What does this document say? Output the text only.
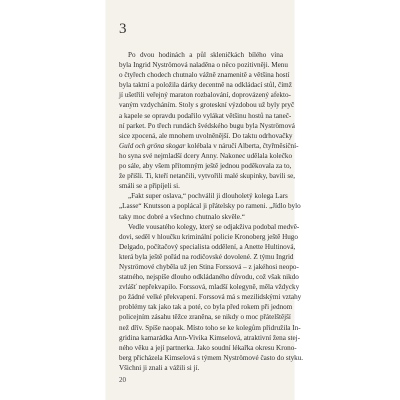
3
Po dvou hodinách a půl skleničkách bílého vína
byla Ingrid Nyströmová naladěna o něco pozitivněji. Menu
o čtyřech chodech chutnalo vážně znamenitě a většina hostí
byla taktní a položila dárky decentně na odkládací stůl, čímž
jí ušetřili veřejný maraton rozbalování, doprovázený afekto-
vaným vzdycháním. Stoly s groteskní výzdobou už byly pryč
a kapele se opravdu podařilo vylákat většinu hostů na taneč-
ní parket. Po třech rundách švédského bugu byla Nyströmová
sice zpocená, ale mnohem uvolněnější. Do taktu odrhovačky
Guld och gröna skogar kolébala v náručí Alberta, čtyřměsíční-
ho syna své nejmladší dcery Anny. Nakonec udělala kolečko
po sále, aby všem přítomným ještě jednou poděkovala za to,
že přišli. Ti, kteří netančili, vytvořili malé skupinky, bavili se,
smáli se a připíjeli si.
„Fakt super oslava,“ pochválil ji dlouholetý kolega Lars
„Lasse“ Knutsson a poplácal ji přátelsky po rameni. „Jídlo bylo
taky moc dobré a všechno chutnalo skvěle.“
Vedle vousatého kolegy, který se odjakživa podobal medvě-
dovi, seděl v hloučku kriminální policie Kronoberg ještě Hugo
Delgado, počítačový specialista oddělení, a Anette Hultinová,
která byla ještě pořád na rodičovské dovolené. Z týmu Ingrid
Nyströmové chyběla už jen Stina Forssová – z jakéhosi neopo-
statného, nejspíše dlouho odkládaného důvodu, což však nikdo
zvlášť nepřekvapilo. Forssová, mladší kolegyně, měla vždycky
po žádné velké překvapení. Forssová má s mezilidskými vztahy
problémy tak jako tak a poté, co byla před rokem při jednom
policejním zásahu těžce zraněna, se nikdy o moc přátelštější
než dřív. Spíše naopak. Místo toho se ke kolegům přidružila In-
gridina kamarádka Ann-Vivika Kimselová, atraktivní žena stej-
ného věku a její partnerka. Jako soudní lékařka okresu Krono-
berg přicházela Kimselová s týmem Nyströmové často do styku.
Všichni ji znali a vážili si jí.
20
